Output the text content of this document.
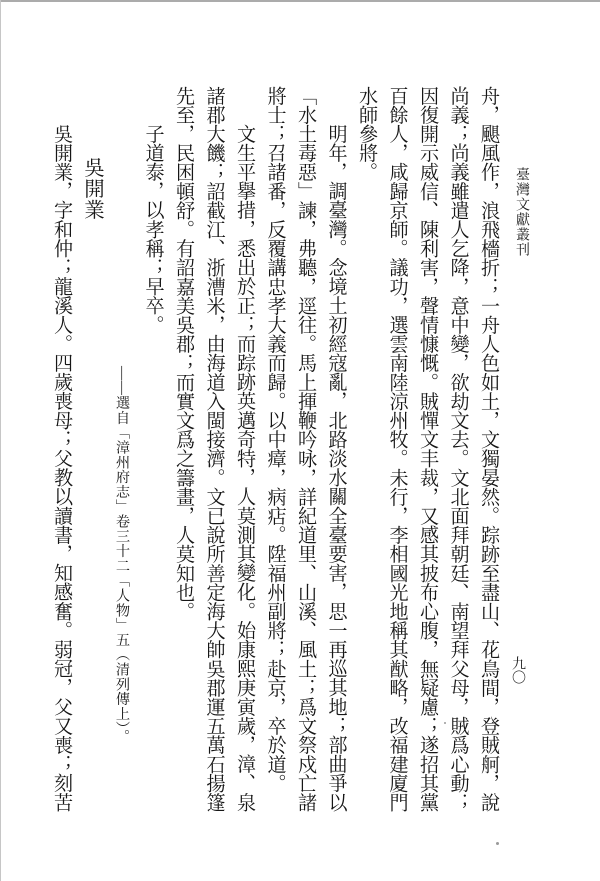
臺灣文獻叢刊
九〇

舟，颶風作，浪飛檣折；一舟人色如土，文獨晏然。踪跡至盡山、花鳥間，登賊舸，說尚義；尚義雖遣人乞降，意中變，欲劫文去。文北面拜朝廷、南望拜父母，賊爲心動；因復開示威信、陳利害，聲情慷慨。賊憚文丰裁，又感其披布心腹，無疑慮；遂招其黨百餘人，咸歸京師。議功，選雲南陸涼州牧。未行，李相國光地稱其猷略，改福建廈門水師參將。

明年，調臺灣。念境土初經寇亂，北路淡水關全臺要害，思一再巡其地；部曲爭以「水土毒惡」諫，弗聽，逕往。馬上揮鞭吟咏，詳紀道里、山溪、風土；爲文祭戍亡諸將士；召諸番，反覆講忠孝大義而歸。以中瘴，病痁。陞福州副將；赴京，卒於道。

文生平擧措，悉出於正；而踪跡英邁奇特，人莫測其變化。始康熙庚寅歲，漳、泉諸郡大饑；詔截江、浙漕米，由海道入閩接濟。文已說所善定海大帥吳郡運五萬石揚篷先至，民困頓舒。有詔嘉美吳郡；而實文爲之籌畫，人莫知也。

子道泰，以孝稱；早卒。

——選自「漳州府志」卷三十二「人物」五（清列傳上）。

吳開業

吳開業，字和仲；龍溪人。四歲喪母；父教以讀書，知感奮。弱冠，父又喪；刻苦
